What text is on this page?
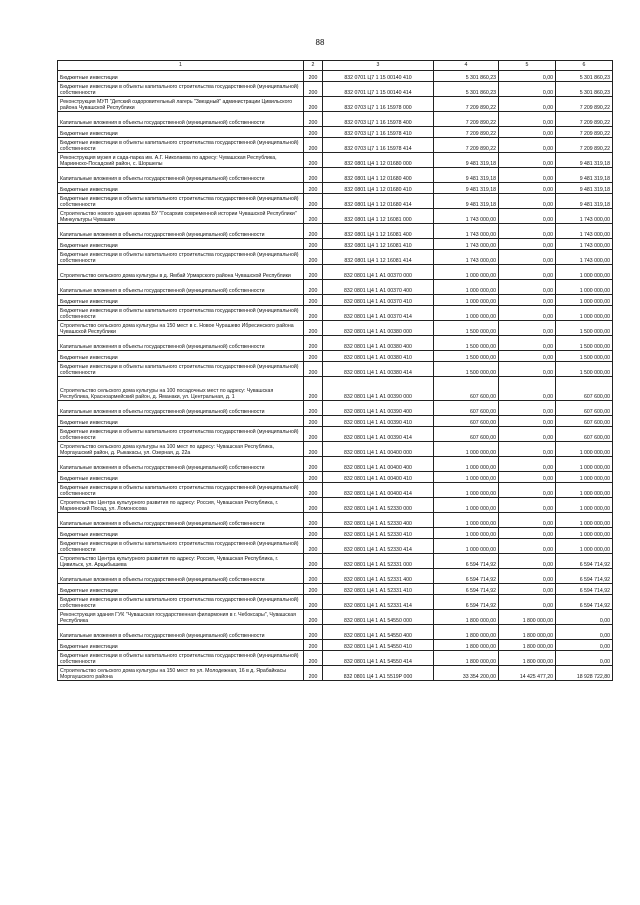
88
1	2	3	4	5	6
Бюджетные инвестиции	200	832 0701 Ц7 1 15 00140 410	5 301 860,23	0,00	5 301 860,23
Бюджетные инвестиции в объекты капитального строительства государственной (муниципальной) собственности	200	832 0701 Ц7 1 15 00140 414	5 301 860,23	0,00	5 301 860,23
Реконструкция МУП "Детский оздоровительный лагерь "Звездный" администрации Цивильского района Чувашской Республики	200	832 0703 Ц7 1 16 15978 000	7 209 890,22	0,00	7 209 890,22
Капитальные вложения в объекты государственной (муниципальной) собственности	200	832 0703 Ц7 1 16 15978 400	7 209 890,22	0,00	7 209 890,22
Бюджетные инвестиции	200	832 0703 Ц7 1 16 15978 410	7 209 890,22	0,00	7 209 890,22
Бюджетные инвестиции в объекты капитального строительства государственной (муниципальной) собственности	200	832 0703 Ц7 1 16 15978 414	7 209 890,22	0,00	7 209 890,22
Реконструкция музея и сада-парка им. А.Г. Николаева по адресу: Чувашская Республика, Мариинско-Посадский район, с. Шоршелы	200	832 0801 Ц4 1 12 01680 000	9 481 319,18	0,00	9 481 319,18
Капитальные вложения в объекты государственной (муниципальной) собственности	200	832 0801 Ц4 1 12 01680 400	9 481 319,18	0,00	9 481 319,18
Бюджетные инвестиции	200	832 0801 Ц4 1 12 01680 410	9 481 319,18	0,00	9 481 319,18
Бюджетные инвестиции в объекты капитального строительства государственной (муниципальной) собственности	200	832 0801 Ц4 1 12 01680 414	9 481 319,18	0,00	9 481 319,18
Строительство нового здания архива БУ "Госархив современной истории Чувашской Республики" Минкультуры Чувашии	200	832 0801 Ц4 1 12 16081 000	1 743 000,00	0,00	1 743 000,00
Капитальные вложения в объекты государственной (муниципальной) собственности	200	832 0801 Ц4 1 12 16081 400	1 743 000,00	0,00	1 743 000,00
Бюджетные инвестиции	200	832 0801 Ц4 1 12 16081 410	1 743 000,00	0,00	1 743 000,00
Бюджетные инвестиции в объекты капитального строительства государственной (муниципальной) собственности	200	832 0801 Ц4 1 12 16081 414	1 743 000,00	0,00	1 743 000,00
Строительство сельского дома культуры в д. Ямбай Урмарского района Чувашской Республики	200	832 0801 Ц4 1 А1 00370 000	1 000 000,00	0,00	1 000 000,00
Капитальные вложения в объекты государственной (муниципальной) собственности	200	832 0801 Ц4 1 А1 00370 400	1 000 000,00	0,00	1 000 000,00
Бюджетные инвестиции	200	832 0801 Ц4 1 А1 00370 410	1 000 000,00	0,00	1 000 000,00
Бюджетные инвестиции в объекты капитального строительства государственной (муниципальной) собственности	200	832 0801 Ц4 1 А1 00370 414	1 000 000,00	0,00	1 000 000,00
Строительство сельского дома культуры на 150 мест в с. Новое Чурашево Ибресинского района Чувашской Республики	200	832 0801 Ц4 1 А1 00380 000	1 500 000,00	0,00	1 500 000,00
Капитальные вложения в объекты государственной (муниципальной) собственности	200	832 0801 Ц4 1 А1 00380 400	1 500 000,00	0,00	1 500 000,00
Бюджетные инвестиции	200	832 0801 Ц4 1 А1 00380 410	1 500 000,00	0,00	1 500 000,00
Бюджетные инвестиции в объекты капитального строительства государственной (муниципальной) собственности	200	832 0801 Ц4 1 А1 00380 414	1 500 000,00	0,00	1 500 000,00
Строительство сельского дома культуры на 100 посадочных мест по адресу: Чувашская Республика, Красноармейский район, д. Яманаки, ул. Центральная, д. 1	200	832 0801 Ц4 1 А1 00390 000	607 600,00	0,00	607 600,00
Капитальные вложения в объекты государственной (муниципальной) собственности	200	832 0801 Ц4 1 А1 00390 400	607 600,00	0,00	607 600,00
Бюджетные инвестиции	200	832 0801 Ц4 1 А1 00390 410	607 600,00	0,00	607 600,00
Бюджетные инвестиции в объекты капитального строительства государственной (муниципальной) собственности	200	832 0801 Ц4 1 А1 00390 414	607 600,00	0,00	607 600,00
Строительство сельского дома культуры на 100 мест по адресу: Чувашская Республика, Моргаушский район, д. Рыкакасы, ул. Озерная, д. 22а	200	832 0801 Ц4 1 А1 00400 000	1 000 000,00	0,00	1 000 000,00
Капитальные вложения в объекты государственной (муниципальной) собственности	200	832 0801 Ц4 1 А1 00400 400	1 000 000,00	0,00	1 000 000,00
Бюджетные инвестиции	200	832 0801 Ц4 1 А1 00400 410	1 000 000,00	0,00	1 000 000,00
Бюджетные инвестиции в объекты капитального строительства государственной (муниципальной) собственности	200	832 0801 Ц4 1 А1 00400 414	1 000 000,00	0,00	1 000 000,00
Строительство Центра культурного развития по адресу: Россия, Чувашская Республика, г. Мариинский Посад, ул. Ломоносова	200	832 0801 Ц4 1 А1 52330 000	1 000 000,00	0,00	1 000 000,00
Капитальные вложения в объекты государственной (муниципальной) собственности	200	832 0801 Ц4 1 А1 52330 400	1 000 000,00	0,00	1 000 000,00
Бюджетные инвестиции	200	832 0801 Ц4 1 А1 52330 410	1 000 000,00	0,00	1 000 000,00
Бюджетные инвестиции в объекты капитального строительства государственной (муниципальной) собственности	200	832 0801 Ц4 1 А1 52330 414	1 000 000,00	0,00	1 000 000,00
Строительство Центра культурного развития по адресу: Россия, Чувашская Республика, г. Цивильск, ул. Арцыбышева	200	832 0801 Ц4 1 А1 52331 000	6 594 714,92	0,00	6 594 714,92
Капитальные вложения в объекты государственной (муниципальной) собственности	200	832 0801 Ц4 1 А1 52331 400	6 594 714,92	0,00	6 594 714,92
Бюджетные инвестиции	200	832 0801 Ц4 1 А1 52331 410	6 594 714,92	0,00	6 594 714,92
Бюджетные инвестиции в объекты капитального строительства государственной (муниципальной) собственности	200	832 0801 Ц4 1 А1 52331 414	6 594 714,92	0,00	6 594 714,92
Реконструкция здания ГУК "Чувашская государственная филармония в г. Чебоксары", Чувашская Республика	200	832 0801 Ц4 1 А1 54550 000	1 800 000,00	1 800 000,00	0,00
Капитальные вложения в объекты государственной (муниципальной) собственности	200	832 0801 Ц4 1 А1 54550 400	1 800 000,00	1 800 000,00	0,00
Бюджетные инвестиции	200	832 0801 Ц4 1 А1 54550 410	1 800 000,00	1 800 000,00	0,00
Бюджетные инвестиции в объекты капитального строительства государственной (муниципальной) собственности	200	832 0801 Ц4 1 А1 54550 414	1 800 000,00	1 800 000,00	0,00
Строительство сельского дома культуры на 150 мест по ул. Молодежная, 16 в д. Ярабайкасы Моргаушского района	200	832 0801 Ц4 1 А1 5519Р 000	33 354 200,00	14 425 477,20	18 928 722,80
